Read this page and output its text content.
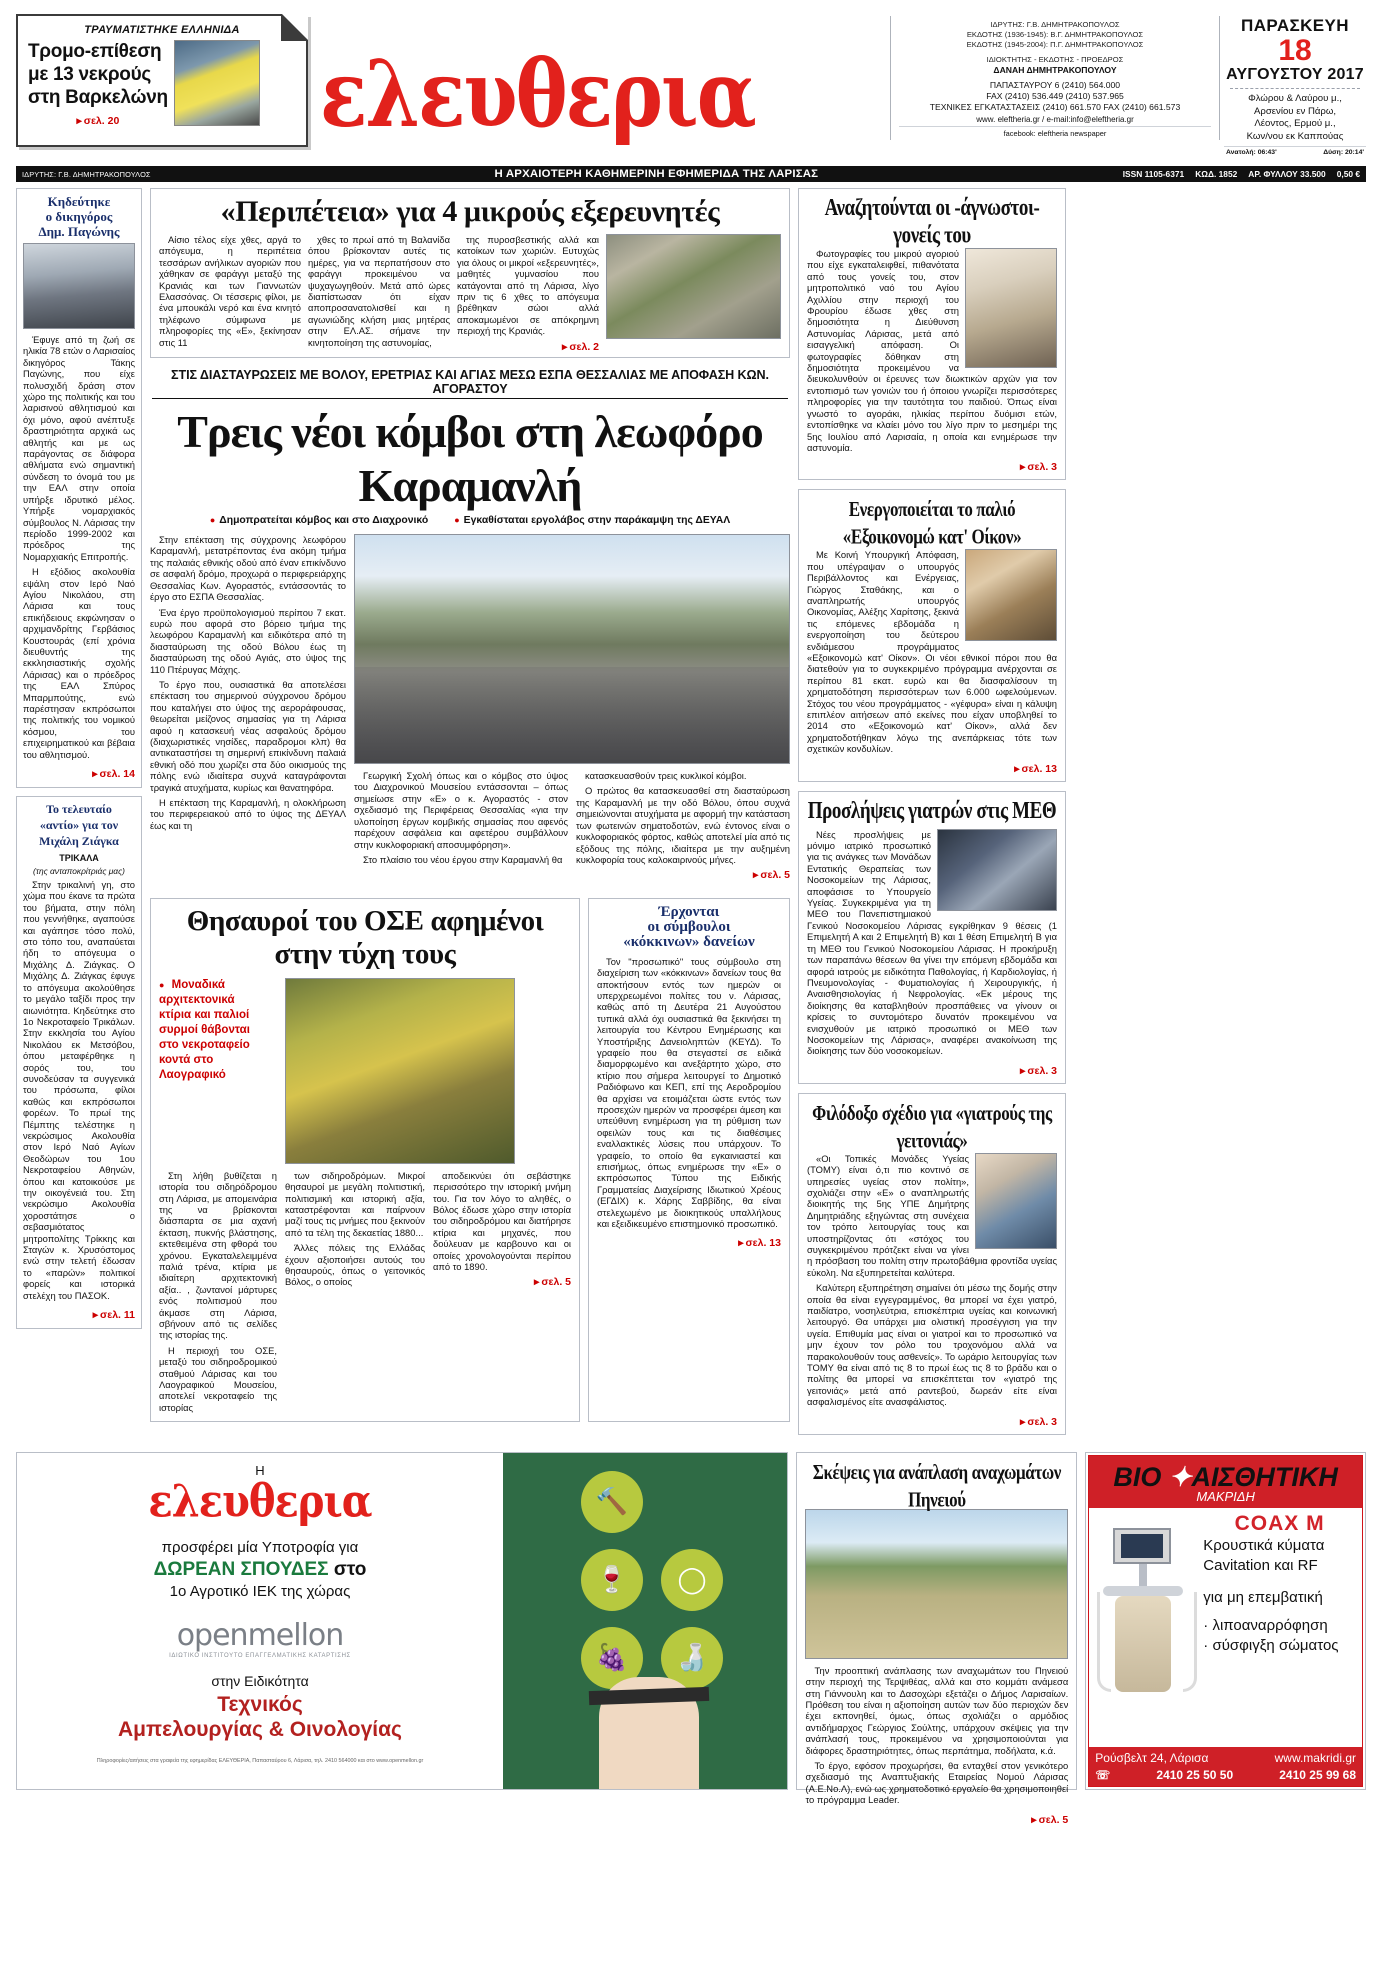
ΤΡΑΥΜΑΤΙΣΤΗΚΕ ΕΛΛΗΝΙΔΑ
Τρομο-επίθεση
με 13 νεκρούς
στη Βαρκελώνη
▸ σελ. 20	ελευθερια
ΙΔΡΥΤΗΣ: Γ.Β. ΔΗΜΗΤΡΑΚΟΠΟΥΛΟΣ
ΕΚΔΟΤΗΣ (1936-1945): Β.Γ. ΔΗΜΗΤΡΑΚΟΠΟΥΛΟΣ
ΕΚΔΟΤΗΣ (1945-2004): Π.Γ. ΔΗΜΗΤΡΑΚΟΠΟΥΛΟΣ
ΙΔΙΟΚΤΗΤΗΣ - ΕΚΔΟΤΗΣ - ΠΡΟΕΔΡΟΣ
ΔΑΝΑΗ ΔΗΜΗΤΡΑΚΟΠΟΥΛΟΥ
ΠΑΠΑΣΤΑΥΡΟΥ 6 (2410) 564.000
FAX (2410) 536.449 (2410) 537.965
ΤΕΧΝΙΚΕΣ ΕΓΚΑΤΑΣΤΑΣΕΙΣ (2410) 661.570 FAX (2410) 661.573
www. eleftheria.gr / e-mail:info@eleftheria.gr
facebook: eleftheria newspaper
ΠΑΡΑΣΚΕΥΗ
18
ΑΥΓΟΥΣΤΟΥ 2017
Φλώρου & Λαύρου μ.,
Αρσενίου εν Πάρω,
Λέοντος, Ερμού μ.,
Κων/νου εκ Καππούας
Ανατολή: 06:43'	Δύση: 20:14'
ΙΔΡΥΤΗΣ: Γ.Β. ΔΗΜΗΤΡΑΚΟΠΟΥΛΟΣ	Η ΑΡΧΑΙΟΤΕΡΗ ΚΑΘΗΜΕΡΙΝΗ ΕΦΗΜΕΡΙΔΑ ΤΗΣ ΛΑΡΙΣΑΣ	ISSN 1105-6371 ΚΩΔ. 1852 ΑΡ. ΦΥΛΛΟΥ 33.500 0,50 €
Κηδεύτηκε
ο δικηγόρος
Δημ. Παγώνης

Έφυγε από τη ζωή σε ηλικία 78 ετών ο Λαρισαίος δικηγόρος Τάκης Παγώνης, που είχε πολυσχιδή δράση στον χώρο της πολιτικής και του λαρισινού αθλητισμού και όχι μόνο, αφού ανέπτυξε δραστηριότητα αρχικά ως αθλητής και με ως παράγοντας σε διάφορα αθλήματα ενώ σημαντική σύνδεση το όνομά του με την ΕΑΛ στην οποία υπήρξε ιδρυτικό μέλος. Υπήρξε νομαρχιακός σύμβουλος Ν. Λάρισας την περίοδο 1999-2002 και πρόεδρος της Νομαρχιακής Επιτροπής.

Η εξόδιος ακολουθία εψάλη στον Ιερό Ναό Αγίου Νικολάου, στη Λάρισα και τους επικήδειους εκφώνησαν ο αρχιμανδρίτης Γερβάσιος Κουστουράς (επί χρόνια διευθυντής της εκκλησιαστικής σχολής Λάρισας) και ο πρόεδρος της ΕΑΛ Σπύρος Μπαρμπούτης, ενώ παρέστησαν εκπρόσωποι της πολιτικής του νομικού κόσμου, του επιχειρηματικού και βέβαια του αθλητισμού.

▸ σελ. 14
Το τελευταίο
«αντίο» για τον
Μιχάλη Ζιάγκα
ΤΡΙΚΑΛΑ
(της ανταποκρίτριάς μας)

Στην τρικαλινή γη, στο χώμα που έκανε τα πρώτα του βήματα, στην πόλη που γεννήθηκε, αγαπούσε και αγάπησε τόσο πολύ, στο τόπο του, αναπαύεται ήδη το απόγευμα ο Μιχάλης Δ. Ζιάγκας. Ο Μιχάλης Δ. Ζιάγκας έφυγε το απόγευμα ακολούθησε το μεγάλο ταξίδι προς την αιωνιότητα. Κηδεύτηκε στο 1ο Νεκροταφείο Τρικάλων. Στην εκκλησία του Αγίου Νικολάου εκ Μετσόβου, όπου μεταφέρθηκε η σορός του, του συνοδεύσαν τα συγγενικά του πρόσωπα, φίλοι καθώς και εκπρόσωποι φορέων. Το πρωί της Πέμπτης τελέστηκε η νεκρώσιμος Ακολουθία στον Ιερό Ναό Αγίων Θεοδώρων του 1ου Νεκροταφείου Αθηνών, όπου και κατοικούσε με την οικογένειά του. Στη νεκρώσιμο Ακολουθία χοροστάτησε ο σεβασμιότατος μητροπολίτης Τρίκκης και Σταγών κ. Χρυσόστομος ενώ στην τελετή έδωσαν το «παρών» πολιτικοί φορείς και ιστορικά στελέχη του ΠΑΣΟΚ.

▸ σελ. 11
«Περιπέτεια» για 4 μικρούς εξερευνητές

Αίσιο τέλος είχε χθες, αργά το απόγευμα, η περιπέτεια τεσσάρων ανήλικων αγοριών που χάθηκαν σε φαράγγι μεταξύ της Κρανιάς και των Γιαννωτών Ελασσόνας. Οι τέσσερις φίλοι, με ένα μπουκάλι νερό και ένα κινητό τηλέφωνο σύμφωνα με πληροφορίες της «Ε», ξεκίνησαν στις 11

χθες το πρωί από τη Βαλανίδα όπου βρίσκονταν αυτές τις ημέρες, για να περπατήσουν στο φαράγγι προκειμένου να ψυχαγωγηθούν. Μετά από ώρες διαπίστωσαν ότι είχαν αποπροσανατολισθεί και η αγωνιώδης κλήση μιας μητέρας στην ΕΛ.ΑΣ. σήμανε την κινητοποίηση της αστυνομίας,

της πυροσβεστικής αλλά και κατοίκων των χωριών. Ευτυχώς για όλους οι μικροί «εξερευνητές», μαθητές γυμνασίου που κατάγονται από τη Λάρισα, λίγο πριν τις 6 χθες το απόγευμα βρέθηκαν σώοι αλλά αποκαμωμένοι σε απόκρημνη περιοχή της Κρανιάς.

▸ σελ. 2
ΣΤΙΣ ΔΙΑΣΤΑΥΡΩΣΕΙΣ ΜΕ ΒΟΛΟΥ, ΕΡΕΤΡΙΑΣ ΚΑΙ ΑΓΙΑΣ ΜΕΣΩ ΕΣΠΑ ΘΕΣΣΑΛΙΑΣ ΜΕ ΑΠΟΦΑΣΗ ΚΩΝ. ΑΓΟΡΑΣΤΟΥ
Τρεις νέοι κόμβοι στη λεωφόρο Καραμανλή
● Δημοπρατείται κόμβος και στο Διαχρονικό	● Εγκαθίσταται εργολάβος στην παράκαμψη της ΔΕΥΑΛ

Στην επέκταση της σύγχρονης λεωφόρου Καραμανλή, μετατρέποντας ένα ακόμη τμήμα της παλαιάς εθνικής οδού από έναν επικίνδυνο σε ασφαλή δρόμο, προχωρά ο περιφερειάρχης Θεσσαλίας Κων. Αγοραστός, εντάσσοντάς το έργο στο ΕΣΠΑ Θεσσαλίας.

Ένα έργο προϋπολογισμού περίπου 7 εκατ. ευρώ που αφορά στο βόρειο τμήμα της λεωφόρου Καραμανλή και ειδικότερα από τη διασταύρωση της οδού Βόλου έως τη διασταύρωση της οδού Αγιάς, στο ύψος της 110 Πτέρυγας Μάχης.

Το έργο που, ουσιαστικά θα αποτελέσει επέκταση του σημερινού σύγχρονου δρόμου που καταλήγει στο ύψος της αεροράφουσας, θεωρείται μείζονος σημασίας για τη Λάρισα αφού η κατασκευή νέας ασφαλούς δρόμου (διαχωριστικές νησίδες, παραδρομοι κλπ) θα αντικαταστήσει τη σημερινή επικίνδυνη παλαιά εθνική οδό που χωρίζει στα δύο οικισμούς της πόλης ενώ ιδιαίτερα συχνά καταγράφονται τραγικά ατυχήματα, κυρίως και θανατηφόρα.

Η επέκταση της Καραμανλή, η ολοκλήρωση του περιφερειακού από το ύψος της ΔΕΥΑΛ έως και τη

Γεωργική Σχολή όπως και ο κόμβος στο ύψος του Διαχρονικού Μουσείου εντάσσονται – όπως σημείωσε στην «Ε» ο κ. Αγοραστός - στον σχεδιασμό της Περιφέρειας Θεσσαλίας «για την υλοποίηση έργων κομβικής σημασίας που αφενός παρέχουν ασφάλεια και αφετέρου συμβάλλουν στην κυκλοφοριακή αποσυμφόρηση».

Στο πλαίσιο του νέου έργου στην Καραμανλή θα

κατασκευασθούν τρεις κυκλικοί κόμβοι.

Ο πρώτος θα κατασκευασθεί στη διασταύρωση της Καραμανλή με την οδό Βόλου, όπου συχνά σημειώνονται ατυχήματα με αφορμή την κατάσταση των φωτεινών σηματοδοτών, ενώ έντονος είναι ο κυκλοφοριακός φόρτος, καθώς αποτελεί μία από τις εξόδους της πόλης, ιδιαίτερα με την αυξημένη κυκλοφορία τους καλοκαιρινούς μήνες.

▸ σελ. 5
Θησαυροί του ΟΣΕ αφημένοι στην τύχη τους
● Μοναδικά
αρχιτεκτονικά
κτίρια και παλιοί
συρμοί θάβονται
στο νεκροταφείο
κοντά στο Λαογραφικό

Στη λήθη βυθίζεται η ιστορία του σιδηρόδρομου στη Λάρισα, με απομεινάρια της να βρίσκονται διάσπαρτα σε μια αχανή έκταση, πυκνής βλάστησης, εκτεθειμένα στη φθορά του χρόνου. Εγκαταλελειμμένα παλιά τρένα, κτίρια με ιδιαίτερη αρχιτεκτονική αξία.. , ζωντανοί μάρτυρες ενός πολιτισμού που άκμασε στη Λάρισα, σβήνουν από τις σελίδες της ιστορίας της.

Η περιοχή του ΟΣΕ, μεταξύ του σιδηροδρομικού σταθμού Λάρισας και του Λαογραφικού Μουσείου, αποτελεί νεκροταφείο της ιστορίας

των σιδηροδρόμων. Μικροί θησαυροί με μεγάλη πολιτιστική, πολιτισμική και ιστορική αξία, καταστρέφονται και παίρνουν μαζί τους τις μνήμες που ξεκινούν από τα τέλη της δεκαετίας 1880...

Άλλες πόλεις της Ελλάδας έχουν αξιοποιήσει αυτούς του θησαυρούς, όπως ο γειτονικός Βόλος, ο οποίος

αποδεικνύει ότι σεβάστηκε περισσότερο την ιστορική μνήμη του. Για τον λόγο το αληθές, ο Βόλος έδωσε χώρο στην ιστορία του σιδηροδρόμου και διατήρησε κτίρια και μηχανές, που δούλευαν με καρβουνο και οι οποίες χρονολογούνται περίπου από το 1890.

▸ σελ. 5
Έρχονται
οι σύμβουλοι
«κόκκινων» δανείων

Τον "προσωπικό" τους σύμβουλο στη διαχείριση των «κόκκινων» δανείων τους θα αποκτήσουν εντός των ημερών οι υπερχρεωμένοι πολίτες του ν. Λάρισας, καθώς από τη Δευτέρα 21 Αυγούστου τυπικά αλλά όχι ουσιαστικά θα ξεκινήσει τη λειτουργία του Κέντρου Ενημέρωσης και Υποστήριξης Δανειοληπτών (ΚΕΥΔ). Το γραφείο που θα στεγαστεί σε ειδικά διαμορφωμένο και ανεξάρτητο χώρο, στο κτίριο που σήμερα λειτουργεί το Δημοτικό Ραδιόφωνο και ΚΕΠ, επί της Αεροδρομίου θα αρχίσει να ετοιμάζεται ώστε εντός των προσεχών ημερών να προσφέρει άμεση και υπεύθυνη ενημέρωση για τη ρύθμιση των οφειλών τους και τις διαθέσιμες εναλλακτικές λύσεις που υπάρχουν. Το γραφείο, το οποίο θα εγκαινιαστεί και επισήμως, όπως ενημέρωσε την «Ε» ο εκπρόσωπος Τύπου της Ειδικής Γραμματείας Διαχείρισης Ιδιωτικού Χρέους (ΕΓΔΙΧ) κ. Χάρης Σαββίδης, θα είναι στελεχωμένο με διοικητικούς υπαλλήλους και εξειδικευμένο επιστημονικό προσωπικό.

▸ σελ. 13
Αναζητούνται οι -άγνωστοι- γονείς του

Φωτογραφίες του μικρού αγοριού που είχε εγκαταλειφθεί, πιθανότατα από τους γονείς του, στον μητροπολιτικό ναό του Αγίου Αχιλλίου στην περιοχή του Φρουρίου έδωσε χθες στη δημοσιότητα η Διεύθυνση Αστυνομίας Λάρισας, μετά από εισαγγελική απόφαση. Οι φωτογραφίες δόθηκαν στη δημοσιότητα προκειμένου να διευκολυνθούν οι έρευνες των διωκτικών αρχών για τον εντοπισμό των γονιών του ή όποιου γνωρίζει περισσότερες πληροφορίες για την ταυτότητα του παιδιού. Όπως είναι γνωστό το αγοράκι, ηλικίας περίπου δυόμισι ετών, εντοπίσθηκε να κλαίει μόνο του λίγο πριν το μεσημέρι της 5ης Ιουλίου από Λαρισαία, η οποία και ενημέρωσε την αστυνομία.

▸ σελ. 3
Ενεργοποιείται το παλιό «Εξοικονομώ κατ' Οίκον»

Με Κοινή Υπουργική Απόφαση, που υπέγραψαν ο υπουργός Περιβάλλοντος και Ενέργειας, Γιώργος Σταθάκης, και ο αναπληρωτής υπουργός Οικονομίας, Αλέξης Χαρίτσης, ξεκινά τις επόμενες εβδομάδα η ενεργοποίηση του δεύτερου ενδιάμεσου προγράμματος «Εξοικονομώ κατ' Οίκον». Οι νέοι εθνικοί πόροι που θα διατεθούν για το συγκεκριμένο πρόγραμμα ανέρχονται σε περίπου 81 εκατ. ευρώ και θα διασφαλίσουν τη χρηματοδότηση περισσότερων των 6.000 ωφελούμενων. Στόχος του νέου προγράμματος - «γέφυρα» είναι η κάλυψη επιπλέον αιτήσεων από εκείνες που είχαν υποβληθεί το 2014 στο «Εξοικονομώ κατ' Οίκον», αλλά δεν χρηματοδοτήθηκαν λόγω της ανεπάρκειας τότε των σχετικών κονδυλίων.

▸ σελ. 13
Προσλήψεις γιατρών στις ΜΕΘ

Νέες προσλήψεις με μόνιμο ιατρικό προσωπικό για τις ανάγκες των Μονάδων Εντατικής Θεραπείας των Νοσοκομείων της Λάρισας, αποφάσισε το Υπουργείο Υγείας. Συγκεκριμένα για τη ΜΕΘ του Πανεπιστημιακού Γενικού Νοσοκομείου Λάρισας εγκρίθηκαν 9 θέσεις (1 Επιμελητή Α και 2 Επιμελητή Β) και 1 θέση Επιμελητή Β για τη ΜΕΘ του Γενικού Νοσοκομείου Λάρισας. Η προκήρυξη των παραπάνω θέσεων θα γίνει την επόμενη εβδομάδα και αφορά ιατρούς με ειδικότητα Παθολογίας, ή Καρδιολογίας, ή Πνευμονολογίας - Φυματιολογίας ή Χειρουργικής, ή Αναισθησιολογίας ή Νεφρολογίας. «Εκ μέρους της διοίκησης θα καταβληθούν προσπάθειες να γίνουν οι κρίσεις το συντομότερο δυνατόν προκειμένου να ενισχυθούν με ιατρικό προσωπικό οι ΜΕΘ των Νοσοκομείων της Λάρισας», αναφέρει ανακοίνωση της διοίκησης των δύο νοσοκομείων.

▸ σελ. 3
Φιλόδοξο σχέδιο για «γιατρούς της γειτονιάς»

«Οι Τοπικές Μονάδες Υγείας (ΤΟΜΥ) είναι ό,τι πιο κοντινό σε υπηρεσίες υγείας στον πολίτη», σχολιάζει στην «Ε» ο αναπληρωτής διοικητής της 5ης ΥΠΕ Δημήτρης Δημητριάδης εξηγώντας στη συνέχεια τον τρόπο λειτουργίας τους και υποστηρίζοντας ότι «στόχος του συγκεκριμένου πρότζεκτ είναι να γίνει η πρόσβαση του πολίτη στην πρωτοβάθμια φροντίδα υγείας εύκολη. Να εξυπηρετείται καλύτερα.

Καλύτερη εξυπηρέτηση σημαίνει ότι μέσω της δομής στην οποία θα είναι εγγεγραμμένος, θα μπορεί να έχει γιατρό, παιδίατρο, νοσηλεύτρια, επισκέπτρια υγείας και κοινωνική λειτουργό. Θα υπάρχει μια ολιστική προσέγγιση για την υγεία. Επιθυμία μας είναι οι γιατροί και το προσωπικό να μην έχουν τον ρόλο του τροχονόμου αλλά να παρακολουθούν τους ασθενείς». Το ωράριο λειτουργίας των ΤΟΜΥ θα είναι από τις 8 το πρωί έως τις 8 το βράδυ και ο πολίτης θα μπορεί να επισκέπτεται τον «γιατρό της γειτονιάς» μετά από ραντεβού, δωρεάν είτε είναι ασφαλισμένος είτε ανασφάλιστος.

▸ σελ. 3
Η
ελευθερια
προσφέρει μία Υποτροφία για
ΔΩΡΕΑΝ ΣΠΟΥΔΕΣ στο
1ο Αγροτικό ΙΕΚ της χώρας
openmellon
ΙΔΙΩΤΙΚΟ ΙΝΣΤΙΤΟΥΤΟ ΕΠΑΓΓΕΛΜΑΤΙΚΗΣ ΚΑΤΑΡΤΙΣΗΣ
στην Ειδικότητα
Τεχνικός
Αμπελουργίας & Οινολογίας
Πληροφορίες/αιτήσεις στα γραφεία της εφημερίδας ΕΛΕΥΘΕΡΙΑ, Παπασταύρου 6, Λάρισα, τηλ. 2410 564000 και στο www.openmellon.gr
🔨
🍷
🍇
◯
🍶
Σκέψεις για ανάπλαση αναχωμάτων Πηνειού

Την προοπτική ανάπλασης των αναχωμάτων του Πηνειού στην περιοχή της Τερψιθέας, αλλά και στο κομμάτι ανάμεσα στη Γιάννουλη και το Δασοχώρι εξετάζει ο Δήμος Λαρισαίων. Πρόθεση του είναι η αξιοποίηση αυτών των δύο περιοχών δεν έχει εκπονηθεί, όμως, όπως σχολιάζει ο αρμόδιος αντιδήμαρχος Γεώργιος Σούλτης, υπάρχουν σκέψεις για την ανάπλασή τους, προκειμένου να χρησιμοποιούνται για διάφορες δραστηριότητες, όπως περπάτημα, ποδήλατα, κ.ά.

Το έργο, εφόσον προχωρήσει, θα ενταχθεί στον γενικότερο σχεδιασμό της Αναπτυξιακής Εταιρείας Νομού Λάρισας (Α.Ε.Νο.Λ), ενώ ως χρηματοδοτικό εργαλείο θα χρησιμοποιηθεί το πρόγραμμα Leader.

▸ σελ. 5
ΒΙΟ ✦ΑΙΣΘΗΤΙΚΗ
ΜΑΚΡΙΔΗ
COAX M
Κρουστικά κύματα
Cavitation και RF
για μη επεμβατική
· λιποαναρρόφηση
· σύσφιγξη σώματος
Ρούσβελτ 24, Λάρισα	www.makridi.gr
☏	2410 25 50 50	2410 25 99 68
